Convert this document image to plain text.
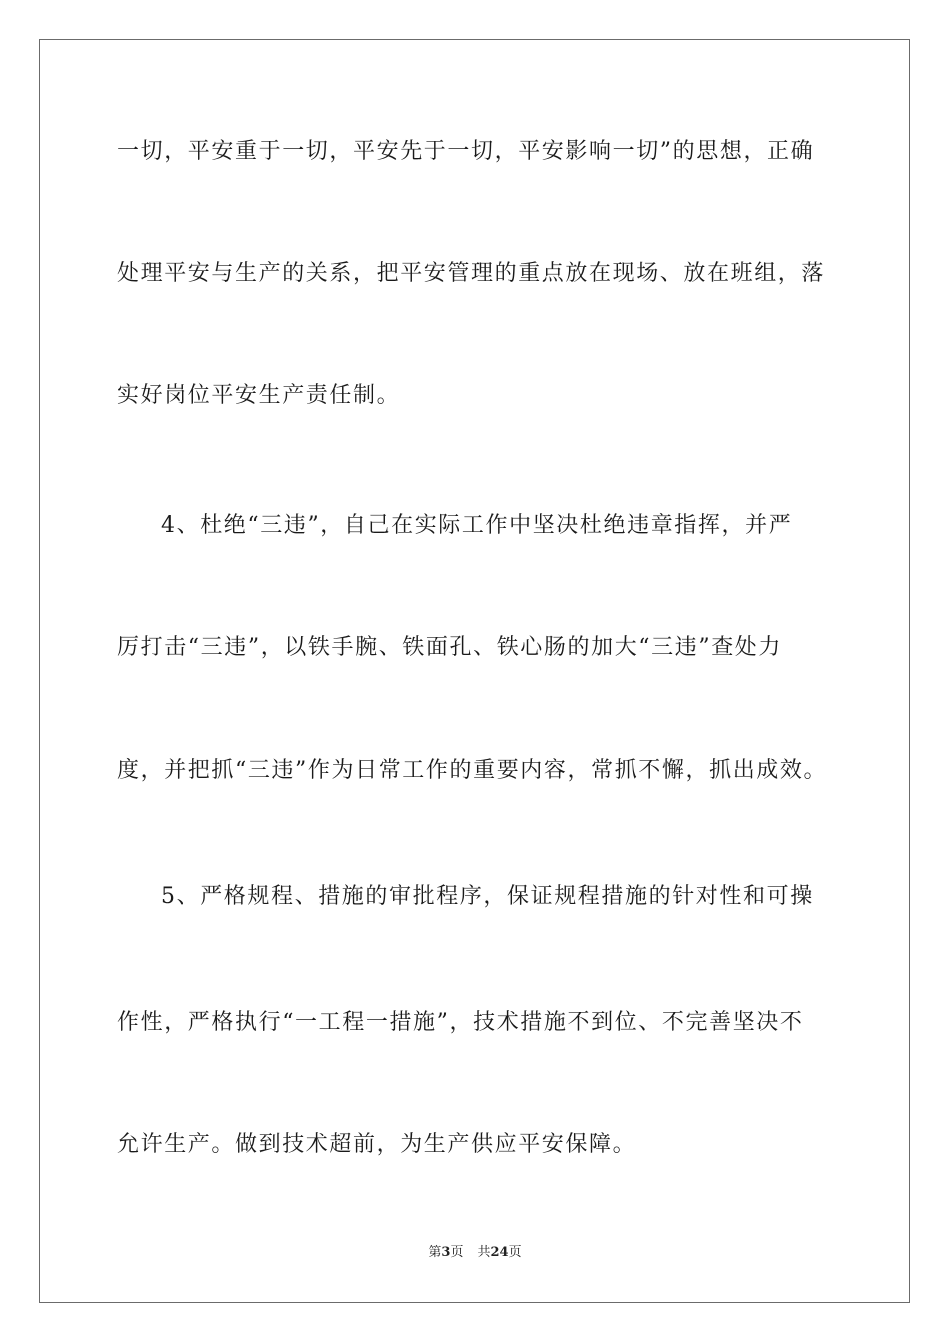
一切，平安重于一切，平安先于一切，平安影响一切”的思想，正确
处理平安与生产的关系，把平安管理的重点放在现场、放在班组，落
实好岗位平安生产责任制。
4、杜绝“三违”，自己在实际工作中坚决杜绝违章指挥，并严
厉打击“三违”，以铁手腕、铁面孔、铁心肠的加大“三违”查处力
度，并把抓“三违”作为日常工作的重要内容，常抓不懈，抓出成效。
5、严格规程、措施的审批程序，保证规程措施的针对性和可操
作性，严格执行“一工程一措施”，技术措施不到位、不完善坚决不
允许生产。做到技术超前，为生产供应平安保障。
第3页 共24页
